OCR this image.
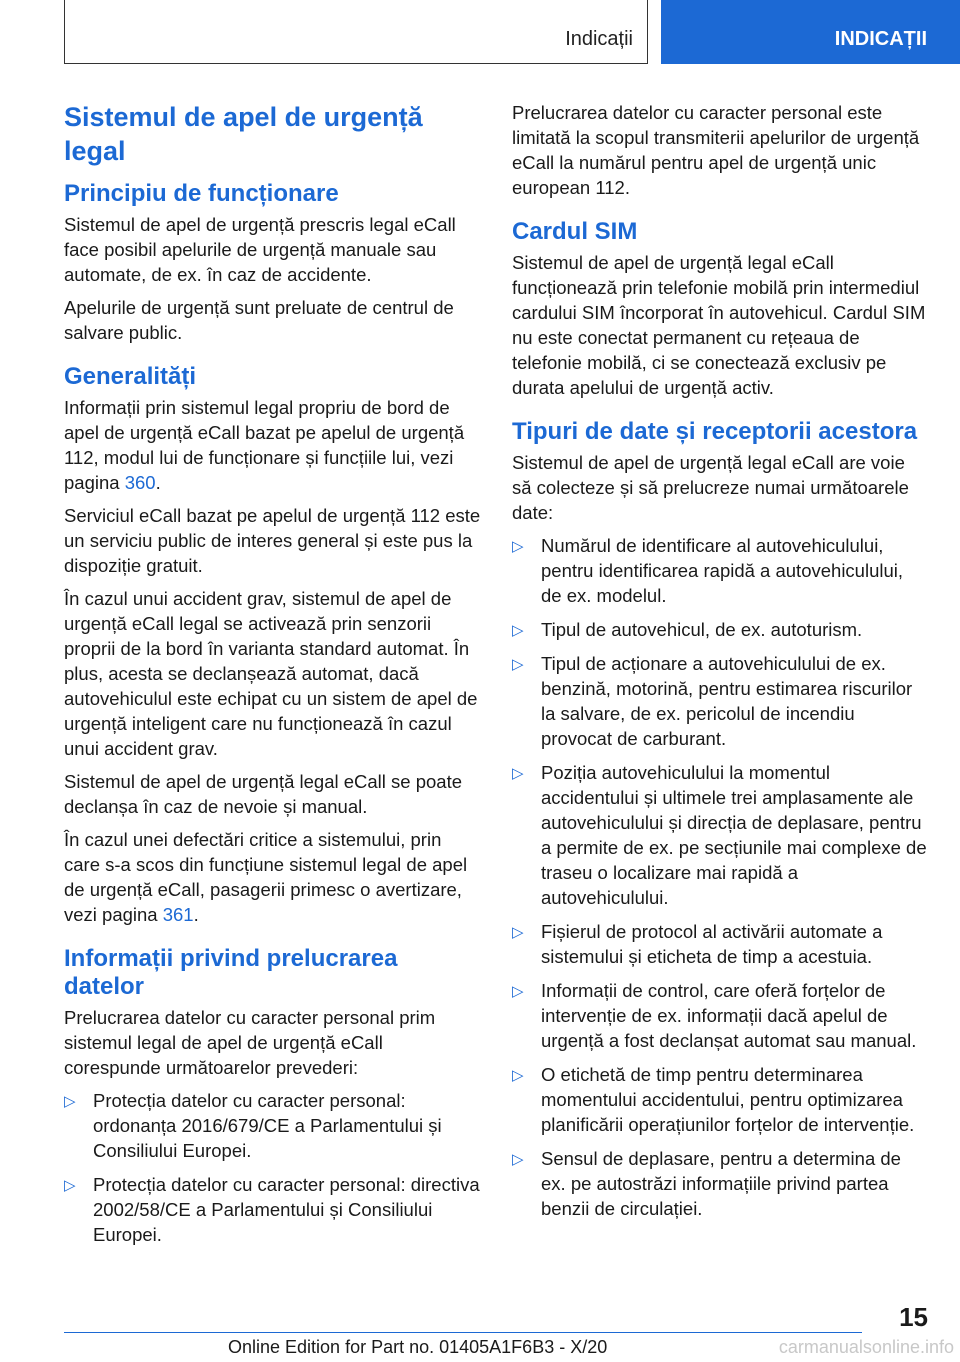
Indicații	INDICAȚII
Sistemul de apel de urgență legal
Principiu de funcționare

Sistemul de apel de urgență prescris legal eCall face posibil apelurile de urgență manuale sau automate, de ex. în caz de accidente.

Apelurile de urgență sunt preluate de centrul de salvare public.

Generalități

Informații prin sistemul legal propriu de bord de apel de urgență eCall bazat pe apelul de urgență 112, modul lui de funcționare și funcțiile lui, vezi pagina 360.

Serviciul eCall bazat pe apelul de urgență 112 este un serviciu public de interes general și este pus la dispoziție gratuit.

În cazul unui accident grav, sistemul de apel de urgență eCall legal se activează prin senzorii proprii de la bord în varianta standard automat. În plus, acesta se declanșează automat, dacă autovehiculul este echipat cu un sistem de apel de urgență inteligent care nu funcționează în cazul unui accident grav.

Sistemul de apel de urgență legal eCall se poate declanșa în caz de nevoie și manual.

În cazul unei defectări critice a sistemului, prin care s-a scos din funcțiune sistemul legal de apel de urgență eCall, pasagerii primesc o avertizare, vezi pagina 361.

Informații privind prelucrarea datelor

Prelucrarea datelor cu caracter personal prim sistemul legal de apel de urgență eCall corespunde următoarelor prevederi:

▷ Protecția datelor cu caracter personal: ordonanța 2016/679/CE a Parlamentului și Consiliului Europei.
▷ Protecția datelor cu caracter personal: directiva 2002/58/CE a Parlamentului și Consiliului Europei.

Prelucrarea datelor cu caracter personal este limitată la scopul transmiterii apelurilor de urgență eCall la numărul pentru apel de urgență unic european 112.

Cardul SIM

Sistemul de apel de urgență legal eCall funcționează prin telefonie mobilă prin intermediul cardului SIM încorporat în autovehicul. Cardul SIM nu este conectat permanent cu rețeaua de telefonie mobilă, ci se conectează exclusiv pe durata apelului de urgență activ.

Tipuri de date și receptorii acestora

Sistemul de apel de urgență legal eCall are voie să colecteze și să prelucreze numai următoarele date:

▷ Numărul de identificare al autovehiculului, pentru identificarea rapidă a autovehiculului, de ex. modelul.
▷ Tipul de autovehicul, de ex. autoturism.
▷ Tipul de acționare a autovehiculului de ex. benzină, motorină, pentru estimarea riscurilor la salvare, de ex. pericolul de incendiu provocat de carburant.
▷ Poziția autovehiculului la momentul accidentului și ultimele trei amplasamente ale autovehiculului și direcția de deplasare, pentru a permite de ex. pe secțiunile mai complexe de traseu o localizare mai rapidă a autovehiculului.
▷ Fișierul de protocol al activării automate a sistemului și eticheta de timp a acestuia.
▷ Informații de control, care oferă forțelor de intervenție de ex. informații dacă apelul de urgență a fost declanșat automat sau manual.
▷ O etichetă de timp pentru determinarea momentului accidentului, pentru optimizarea planificării operațiunilor forțelor de intervenție.
▷ Sensul de deplasare, pentru a determina de ex. pe autostrăzi informațiile privind partea benzii de circulației.
15
Online Edition for Part no. 01405A1F6B3 - X/20	carmanualsonline.info
